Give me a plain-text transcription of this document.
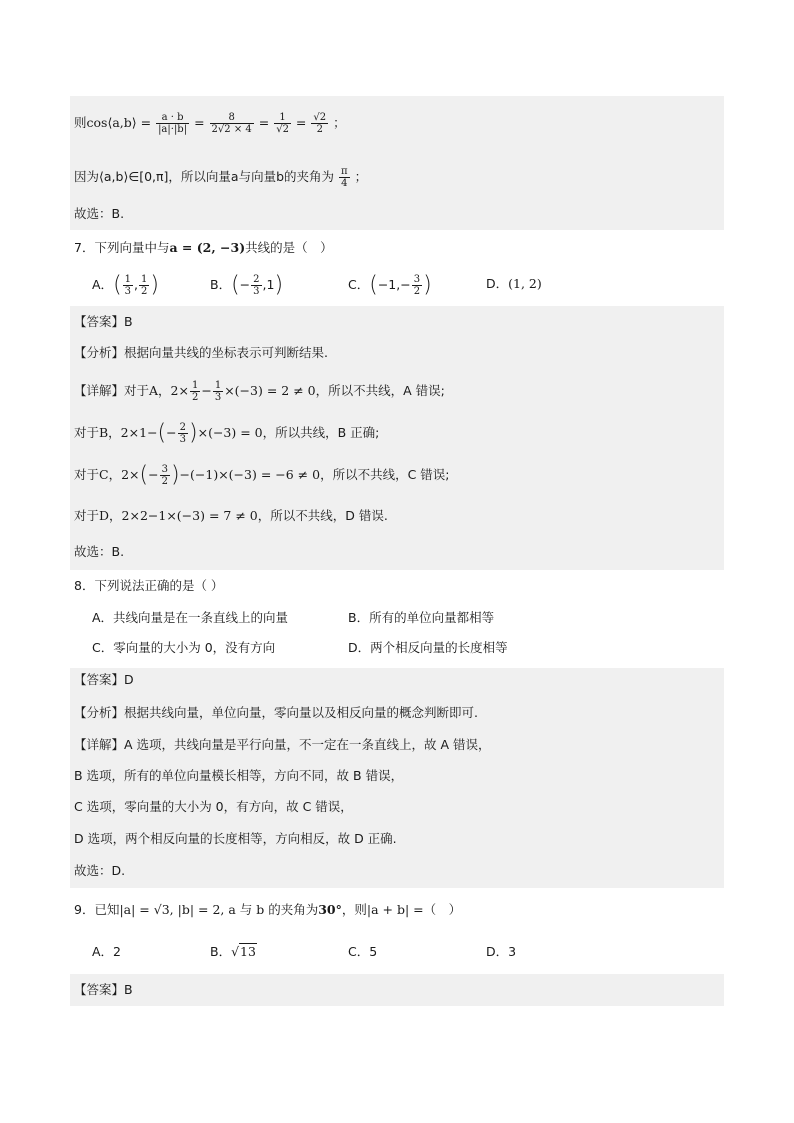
则cos⟨a,b⟩ = $\frac{a \cdot b}{|a|\cdot|b|} = \frac{8}{2√2 \times 4} = \frac{1}{√2} = \frac{√2}{2}$ ；
因为⟨a,b⟩∈[0,π]，所以向量a与向量b的夹角为 $\frac{\pi}{4}$ ；
故选：B.
7．下列向量中与a = (2, −3)共线的是（　）
A．( $\frac{1}{3}$ , $\frac{1}{2}$ )	B．(− $\frac{2}{3} ,1$)	C．($-1,- \frac{3}{2}$ )	D．(1, 2)
【答案】B
【分析】根据向量共线的坐标表示可判断结果.
【详解】对于A，$2\times \frac{1}{2} - \frac{1}{3} \times(-3) = 2 \ne 0$，所以不共线，A 错误;
对于B，$2\times 1-(- \frac{2}{3} )\times(-3) = 0$，所以共线，B 正确;
对于C，$2\times(- \frac{3}{2} )-(-1)\times(-3) = -6 \ne 0$，所以不共线，C 错误;
对于D，2×2−1×(−3) = 7 ≠ 0，所以不共线，D 错误.
故选：B.
8．下列说法正确的是（ ）
A．共线向量是在一条直线上的向量	B．所有的单位向量都相等
C．零向量的大小为 0，没有方向	D．两个相反向量的长度相等
【答案】D
【分析】根据共线向量，单位向量，零向量以及相反向量的概念判断即可.
【详解】A 选项，共线向量是平行向量，不一定在一条直线上，故 A 错误，
B 选项，所有的单位向量模长相等，方向不同，故 B 错误，
C 选项，零向量的大小为 0，有方向，故 C 错误，
D 选项，两个相反向量的长度相等，方向相反，故 D 正确.
故选：D.
9．已知|a| = √3, |b| = 2, a 与 b 的夹角为30°，则|a + b| =（　）
A．2	B．√13	C．5	D．3
【答案】B
